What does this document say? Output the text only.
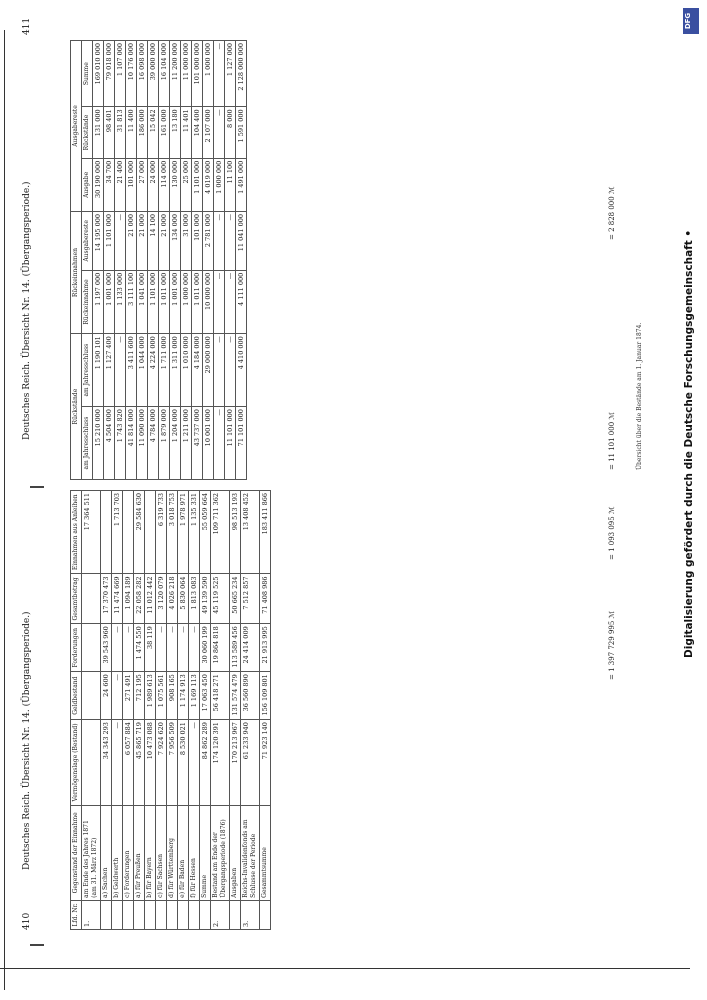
DFG
Digitalisierung gefördert durch die Deutsche Forschungsgemeinschaft •
410
Deutsches Reich. Übersicht Nr. 14. (Übergangsperiode.)
Lfd. Nr.	Gegenstand der Einnahme	Vermögenslage (Bestand)	Geldbestand	Forderungen	Gesamtbetrag	Einnahmen aus Anleihen
1.	am Ende des Jahres 1871 (am 31. März 1872)					17 364 511
	a) Sachen	34 343 293	24 600	39 543 960	17 370 473	
	b) Geldwerth	—	—	—	11 474 669	1 713 703
	c) Forderungen	6 057 884	271 491	—	1 094 189	
	a) für Preußen	45 865 719	712 195	1 474 550	22 058 282	29 584 630
	b) für Bayern	10 473 088	1 989 613	38 119	11 012 442	
	c) für Sachsen	7 924 620	1 075 561	—	3 120 079	6 319 733
	d) für Württemberg	7 956 509	908 165	—	4 026 218	3 018 753
	e) für Baden	8 530 021	1 174 913	—	5 830 064	1 978 971
	f) für Hessen	—	1 169 113	—	1 813 083	1 135 331
	Summe	84 862 289	17 063 450	30 060 199	49 139 590	55 059 664
2.	Bestand am Ende der Übergangsperiode (1876)	174 120 391	56 418 271	19 864 818	45 119 525	109 711 362
	Ausgaben	170 213 967	131 574 479	113 589 456	50 665 234	98 513 193
3.	Reichs-Invalidenfonds am Schlusse der Periode	61 233 940	36 560 890	24 414 009	7 512 857	13 408 452
	Gesammtsumme	71 923 140	156 109 801	21 913 995	71 408 986	183 411 866
= 1 397 729 995 ℳ
= 1 093 095 ℳ
Deutsches Reich. Übersicht Nr. 14. (Übergangsperiode.)
411
Rückstände		Rückeinnahmen		Ausgabereste		
am Jahresschluss	am Jahresschluss	Rückeinnahme	Ausgabereste	Ausgabe	Rückstände	Summe
15 210 000	1 190 101	1 197 000	14 195 000	30 190 000	131 000	169 010 000
4 504 000	1 127 400	1 001 000	1 101 000	34 700	98 401	79 018 000
1 743 820	—	1 133 000	—	21 400	31 813	1 107 000
41 814 000	3 411 600	3 111 100	21 000	101 000	11 400	10 176 000
11 090 000	1 044 000	1 041 000	21 000	27 000	186 000	16 098 000
4 784 000	4 224 000	1 101 000	14 100	24 000	15 042	39 000 000
1 879 000	1 711 000	1 011 000	21 000	114 000	161 000	16 104 000
1 204 000	1 311 000	1 001 000	134 000	130 000	13 180	11 200 000
1 211 000	1 010 000	1 000 000	31 000	25 000	11 401	11 000 000
43 737 000	4 184 000	1 011 000	101 000	1 101 000	104 400	101 000 000
10 001 000	29 000 000	10 000 000	2 781 000	4 019 000	2 107 000	1 000 000
—	—	—	—	1 000 000	—	—
11 101 000	—	—	—	11 100	8 000	1 127 000
71 101 000	4 410 000	4 111 000	11 041 000	1 491 000	1 591 000	2 128 000 000
= 11 101 000 ℳ
= 2 828 000 ℳ
Übersicht über die Bestände am 1. Januar 1874.
